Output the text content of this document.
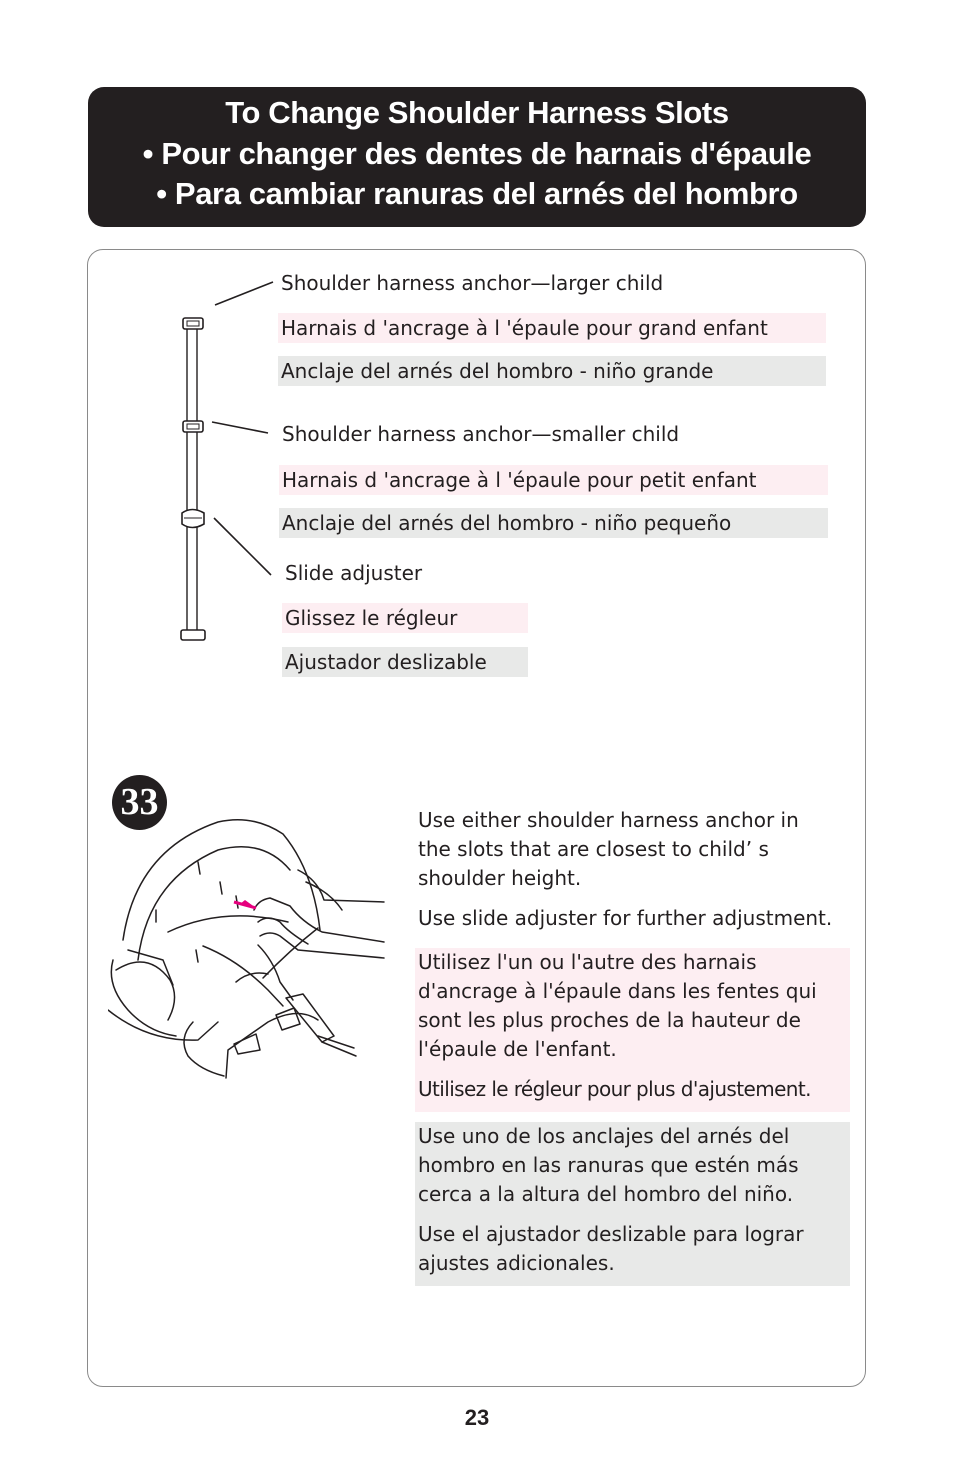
To Change Shoulder Harness Slots
• Pour changer des dentes de harnais d'épaule
• Para cambiar ranuras del arnés del hombro
Shoulder harness anchor—larger child
Harnais d 'ancrage à l 'épaule pour grand enfant
Anclaje del arnés del hombro - niño grande
Shoulder harness anchor—smaller child
Harnais d 'ancrage à l 'épaule pour petit enfant
Anclaje del arnés del hombro - niño pequeño
Slide adjuster
Glissez le régleur
Ajustador deslizable
33	Use either shoulder harness anchor in the slots that are closest to child’ s shoulder height.

Use slide adjuster for further adjustment.

Utilisez l'un ou l'autre des harnais d'ancrage à l'épaule dans les fentes qui sont les plus proches de la hauteur de l'épaule de l'enfant.

Utilisez le régleur pour plus d'ajustement.

Use uno de los anclajes del arnés del hombro en las ranuras que estén más cerca a la altura del hombro del niño.

Use el ajustador deslizable para lograr ajustes adicionales.

23
